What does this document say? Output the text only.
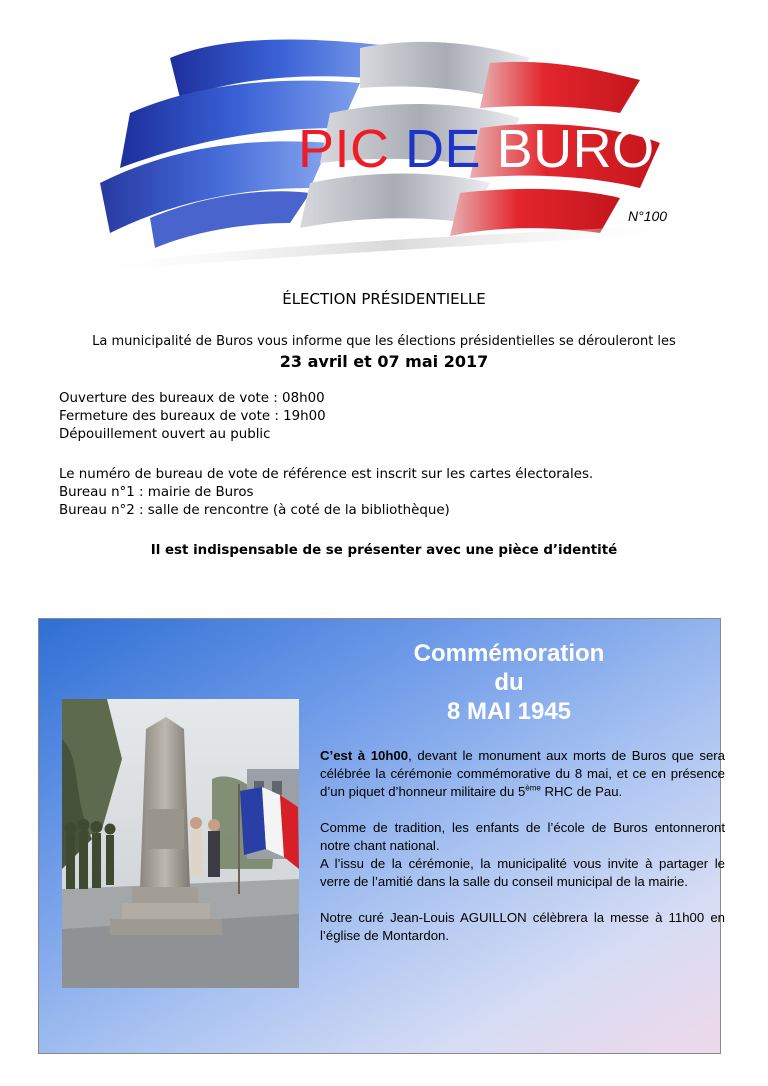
PIC DE BUROS
N°100
ÉLECTION PRÉSIDENTIELLE
La municipalité de Buros vous informe que les élections présidentielles se dérouleront les
23 avril et 07 mai 2017
Ouverture des bureaux de vote : 08h00
Fermeture des bureaux de vote : 19h00
Dépouillement ouvert au public
Le numéro de bureau de vote de référence est inscrit sur les cartes électorales.
Bureau n°1 : mairie de Buros
Bureau n°2 : salle de rencontre (à coté de la bibliothèque)
Il est indispensable de se présenter avec une pièce d’identité
Commémoration
du
8 MAI 1945

C’est à 10h00, devant le monument aux morts de Buros que sera célébrée la cérémonie commémorative du 8 mai, et ce en présence d’un piquet d’honneur militaire du 5ème RHC de Pau.

Comme de tradition, les enfants de l’école de Buros entonneront notre chant national.

A l’issu de la cérémonie, la municipalité vous invite à partager le verre de l’amitié dans la salle du conseil municipal de la mairie.

Notre curé Jean-Louis AGUILLON célèbrera la messe à 11h00 en l’église de Montardon.
